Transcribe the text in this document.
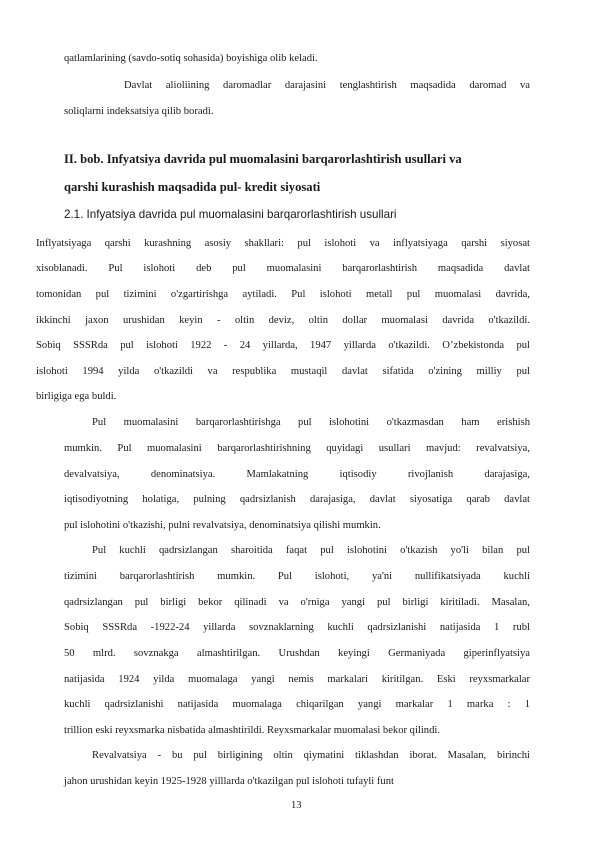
qatlamlarining (savdo-sotiq sohasida) boyishiga olib keladi.
Davlat alioliining daromadlar darajasini tenglashtirish maqsadida daromad va
soliqlarni indeksatsiya qilib boradi.
II. bob. Infyatsiya davrida pul muomalasini barqarorlashtirish usullari va
qarshi kurashish maqsadida pul- kredit siyosati
2.1. Infyatsiya davrida pul muomalasini barqarorlashtirish usullari
Inflyatsiyaga qarshi kurashning asosiy shakllari: pul islohoti va inflyatsiyaga qarshi siyosat
xisoblanadi. Pul islohoti deb pul muomalasini barqarorlashtirish maqsadida davlat
tomonidan pul tizimini o'zgartirishga aytiladi. Pul islohoti metall pul muomalasi davrida,
ikkinchi jaxon urushidan keyin - oltin deviz, oltin dollar muomalasi davrida o'tkazildi.
Sobiq SSSRda pul islohoti 1922 - 24 yillarda, 1947 yillarda o'tkazildi. O’zbekistonda pul
islohoti 1994 yilda o'tkazildi va respublika mustaqil davlat sifatida o'zining milliy pul
birligiga ega buldi.
Pul muomalasini barqarorlashtirishga pul islohotini o'tkazmasdan ham erishish
mumkin. Pul muomalasini barqarorlashtirishning quyidagi usullari mavjud: revalvatsiya,
devalvatsiya, denominatsiya. Mamlakatning iqtisodiy rivojlanish darajasiga,
iqtisodiyotning holatiga, pulning qadrsizlanish darajasiga, davlat siyosatiga qarab davlat
pul islohotini o'tkazishi, pulni revalvatsiya, denominatsiya qilishi mumkin.
Pul kuchli qadrsizlangan sharoitida faqat pul islohotini o'tkazish yo'li bilan pul
tizimini barqarorlashtirish mumkin. Pul islohoti, ya'ni nullifikatsiyada kuchli
qadrsizlangan pul birligi bekor qilinadi va o'rniga yangi pul birligi kiritiladi. Masalan,
Sobiq SSSRda -1922-24 yillarda sovznaklarning kuchli qadrsizlanishi natijasida 1 rubl
50 mlrd. sovznakga almashtirilgan. Urushdan keyingi Germaniyada giperinflyatsiya
natijasida 1924 yilda muomalaga yangi nemis markalari kiritilgan. Eski reyxsmarkalar
kuchli qadrsizlanishi natijasida muomalaga chiqarilgan yangi markalar 1 marka : 1
trillion eski reyxsmarka nisbatida almashtirildi. Reyxsmarkalar muomalasi bekor qilindi.
Revalvatsiya - bu pul birligining oltin qiymatini tiklashdan iborat. Masalan, birinchi
jahon urushidan keyin 1925-1928 yilllarda o'tkazilgan pul islohoti tufayli funt
13
